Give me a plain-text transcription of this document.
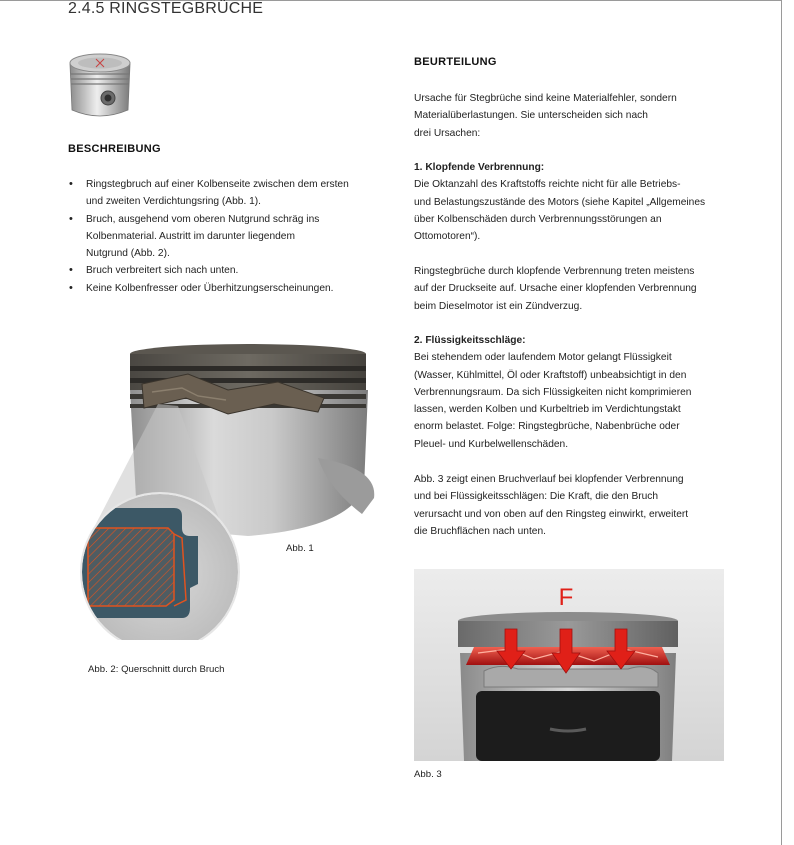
2.4.5 RINGSTEGBRÜCHE
BESCHREIBUNG
• Ringstegbruch auf einer Kolbenseite zwischen dem ersten
und zweiten Verdichtungsring (Abb. 1).
• Bruch, ausgehend vom oberen Nutgrund schräg ins
Kolbenmaterial. Austritt im darunter liegendem
Nutgrund (Abb. 2).
• Bruch verbreitert sich nach unten.
• Keine Kolbenfresser oder Überhitzungserscheinungen.
Abb. 1
Abb. 2: Querschnitt durch Bruch
BEURTEILUNG

Ursache für Stegbrüche sind keine Materialfehler, sondern

Materialüberlastungen. Sie unterscheiden sich nach

drei Ursachen:

1. Klopfende Verbrennung:

Die Oktanzahl des Kraftstoffs reichte nicht für alle Betriebs-

und Belastungszustände des Motors (siehe Kapitel „Allgemeines

über Kolbenschäden durch Verbrennungsstörungen an

Ottomotoren“).

Ringstegbrüche durch klopfende Verbrennung treten meistens

auf der Druckseite auf. Ursache einer klopfenden Verbrennung

beim Dieselmotor ist ein Zündverzug.

2. Flüssigkeitsschläge:

Bei stehendem oder laufendem Motor gelangt Flüssigkeit

(Wasser, Kühlmittel, Öl oder Kraftstoff) unbeabsichtigt in den

Verbrennungsraum. Da sich Flüssigkeiten nicht komprimieren

lassen, werden Kolben und Kurbeltrieb im Verdichtungstakt

enorm belastet. Folge: Ringstegbrüche, Nabenbrüche oder

Pleuel- und Kurbelwellenschäden.

Abb. 3 zeigt einen Bruchverlauf bei klopfender Verbrennung

und bei Flüssigkeitsschlägen: Die Kraft, die den Bruch

verursacht und von oben auf den Ringsteg einwirkt, erweitert

die Bruchflächen nach unten.

F
Abb. 3
